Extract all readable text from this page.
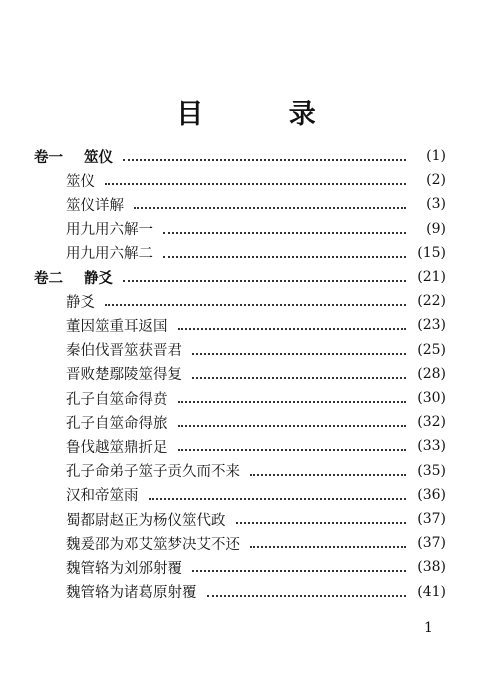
目 录
卷一	筮仪	(1)
筮仪	(2)
筮仪详解	(3)
用九用六解一	(9)
用九用六解二	(15)
卷二	静爻	(21)
静爻	(22)
董因筮重耳返国	(23)
秦伯伐晋筮获晋君	(25)
晋败楚鄢陵筮得复	(28)
孔子自筮命得贲	(30)
孔子自筮命得旅	(32)
鲁伐越筮鼎折足	(33)
孔子命弟子筮子贡久而不来	(35)
汉和帝筮雨	(36)
蜀都尉赵正为杨仪筮代政	(37)
魏爰邵为邓艾筮梦决艾不还	(37)
魏管辂为刘邠射覆	(38)
魏管辂为诸葛原射覆	(41)
1
